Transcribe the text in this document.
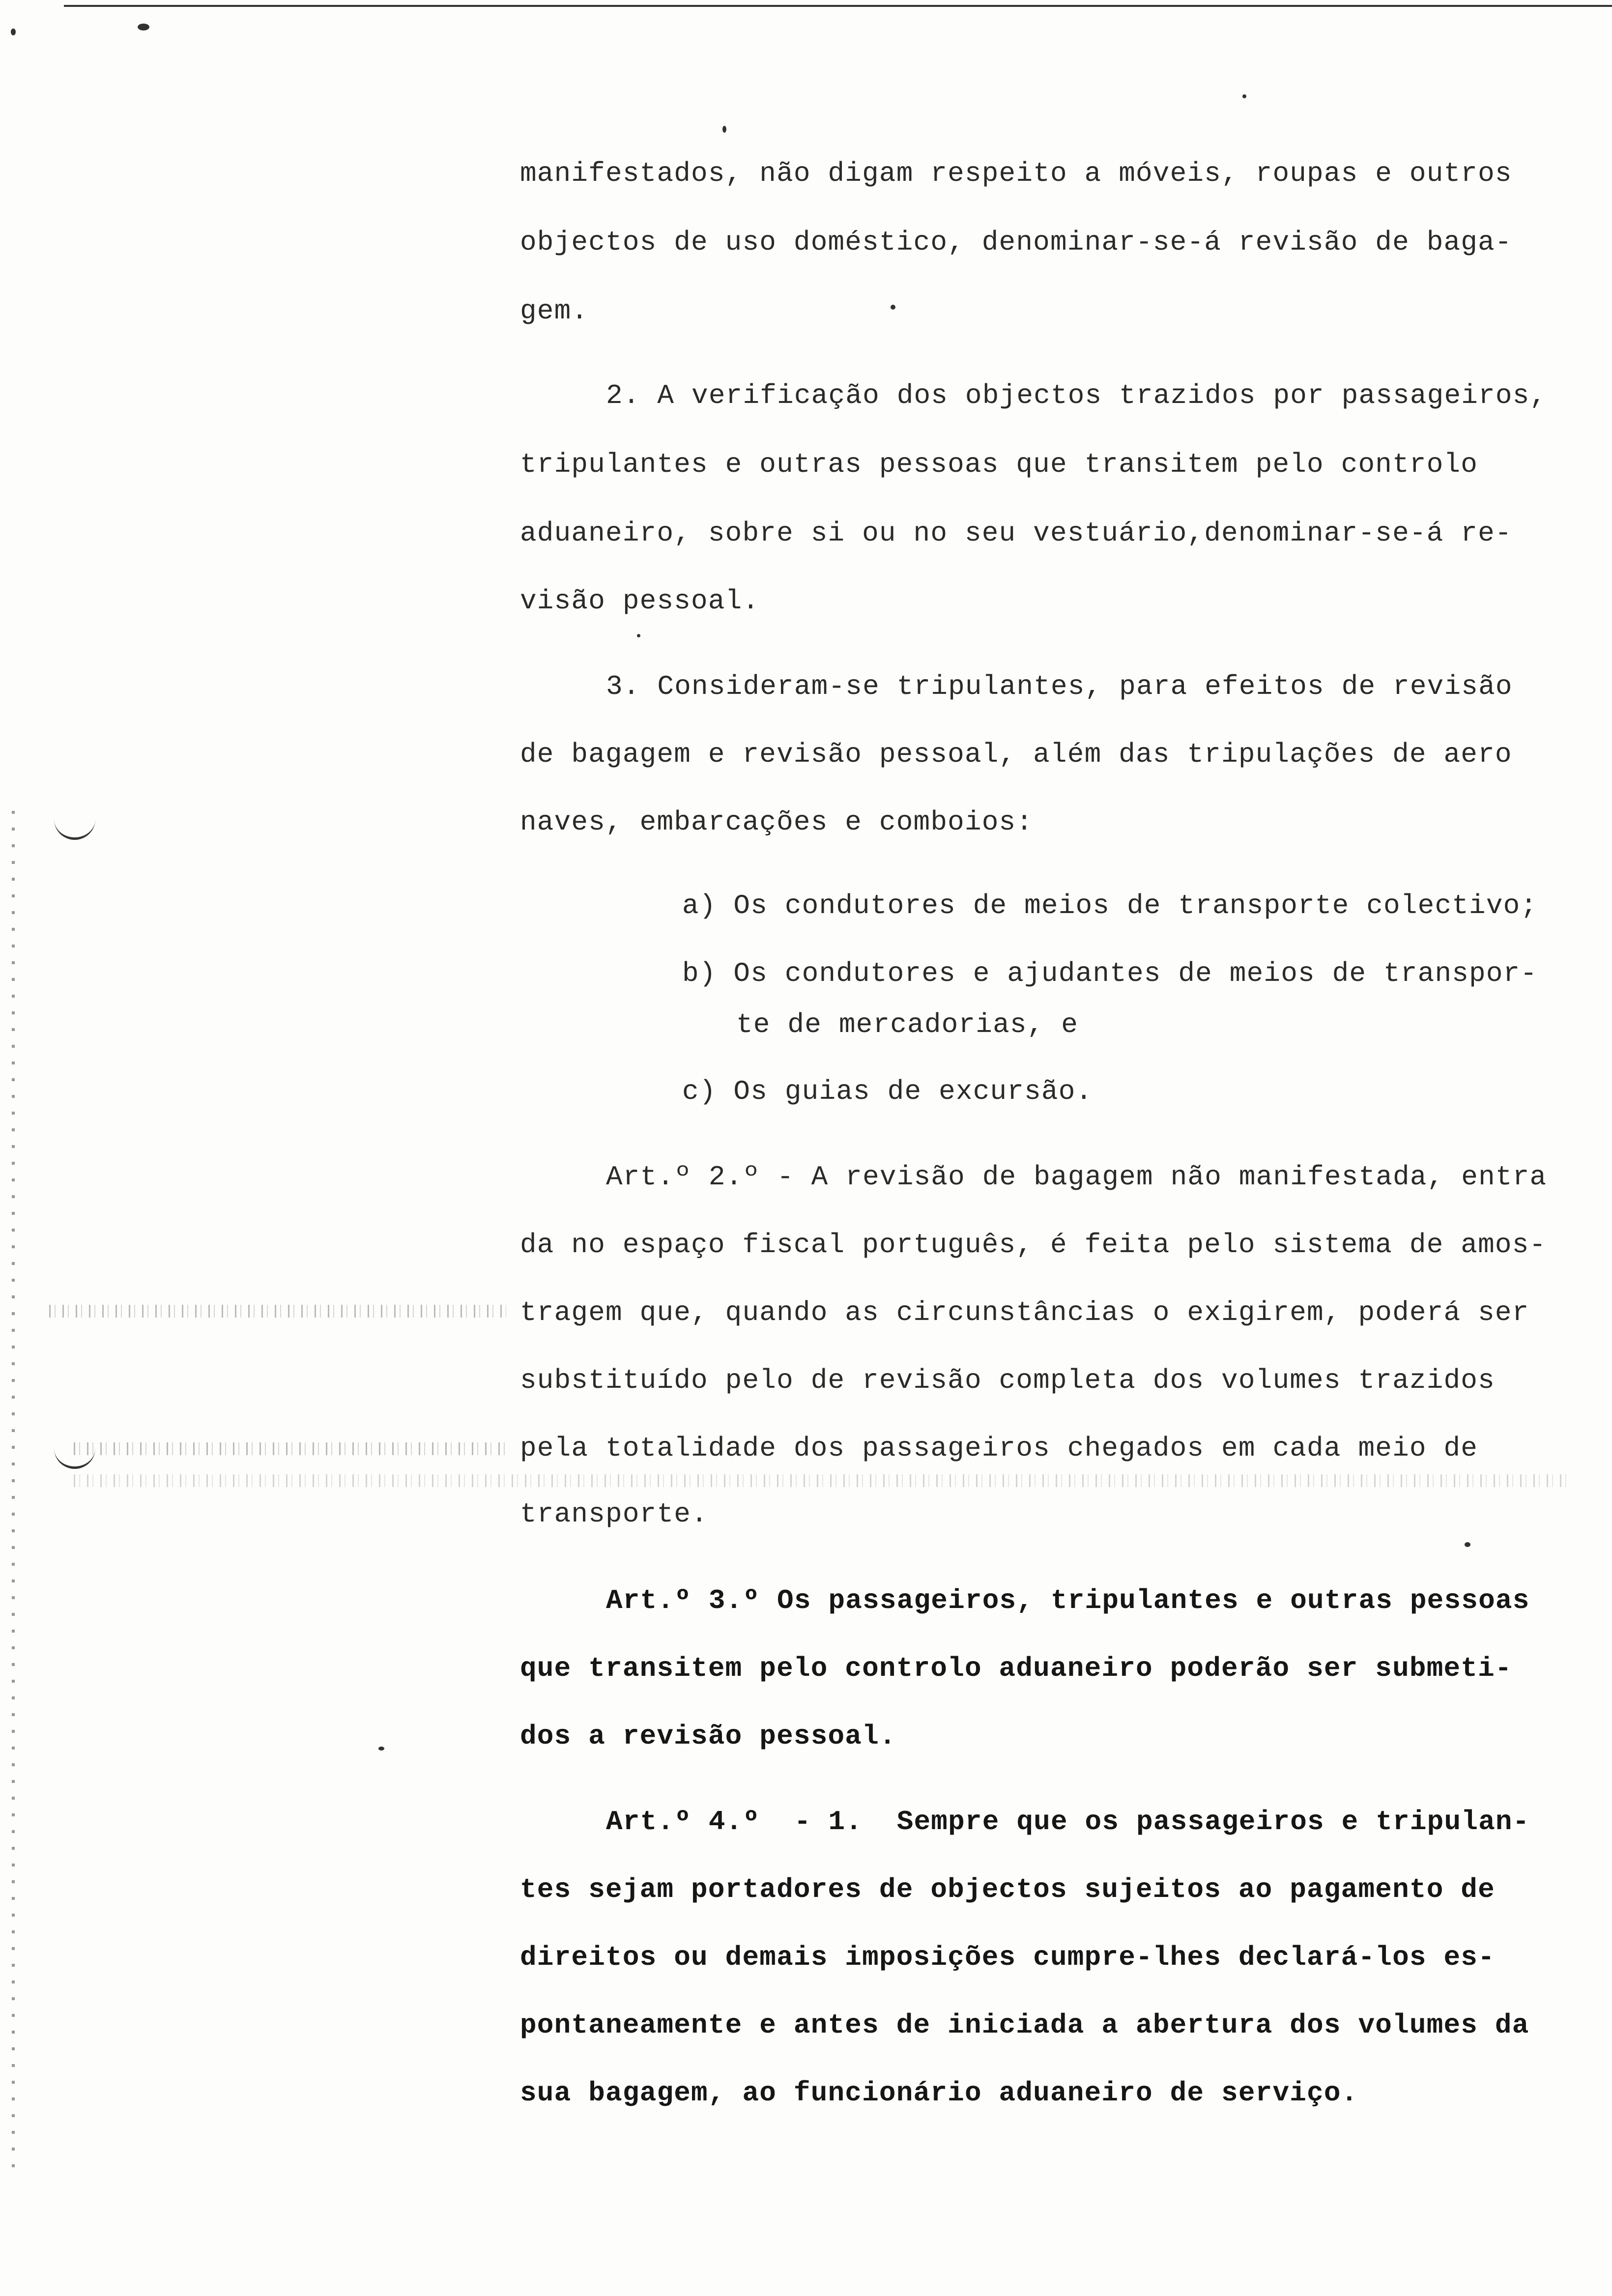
manifestados, não digam respeito a móveis, roupas e outros
objectos de uso doméstico, denominar-se-á revisão de baga-
gem.
2. A verificação dos objectos trazidos por passageiros,
tripulantes e outras pessoas que transitem pelo controlo
aduaneiro, sobre si ou no seu vestuário,denominar-se-á re-
visão pessoal.
3. Consideram-se tripulantes, para efeitos de revisão
de bagagem e revisão pessoal, além das tripulações de aero
naves, embarcações e comboios:
a) Os condutores de meios de transporte colectivo;
b) Os condutores e ajudantes de meios de transpor-
te de mercadorias, e
c) Os guias de excursão.
Art.º 2.º - A revisão de bagagem não manifestada, entra
da no espaço fiscal português, é feita pelo sistema de amos-
tragem que, quando as circunstâncias o exigirem, poderá ser
substituído pelo de revisão completa dos volumes trazidos
pela totalidade dos passageiros chegados em cada meio de
transporte.
Art.º 3.º Os passageiros, tripulantes e outras pessoas
que transitem pelo controlo aduaneiro poderão ser submeti-
dos a revisão pessoal.
Art.º 4.º  - 1.  Sempre que os passageiros e tripulan-
tes sejam portadores de objectos sujeitos ao pagamento de
direitos ou demais imposições cumpre-lhes declará-los es-
pontaneamente e antes de iniciada a abertura dos volumes da
sua bagagem, ao funcionário aduaneiro de serviço.
